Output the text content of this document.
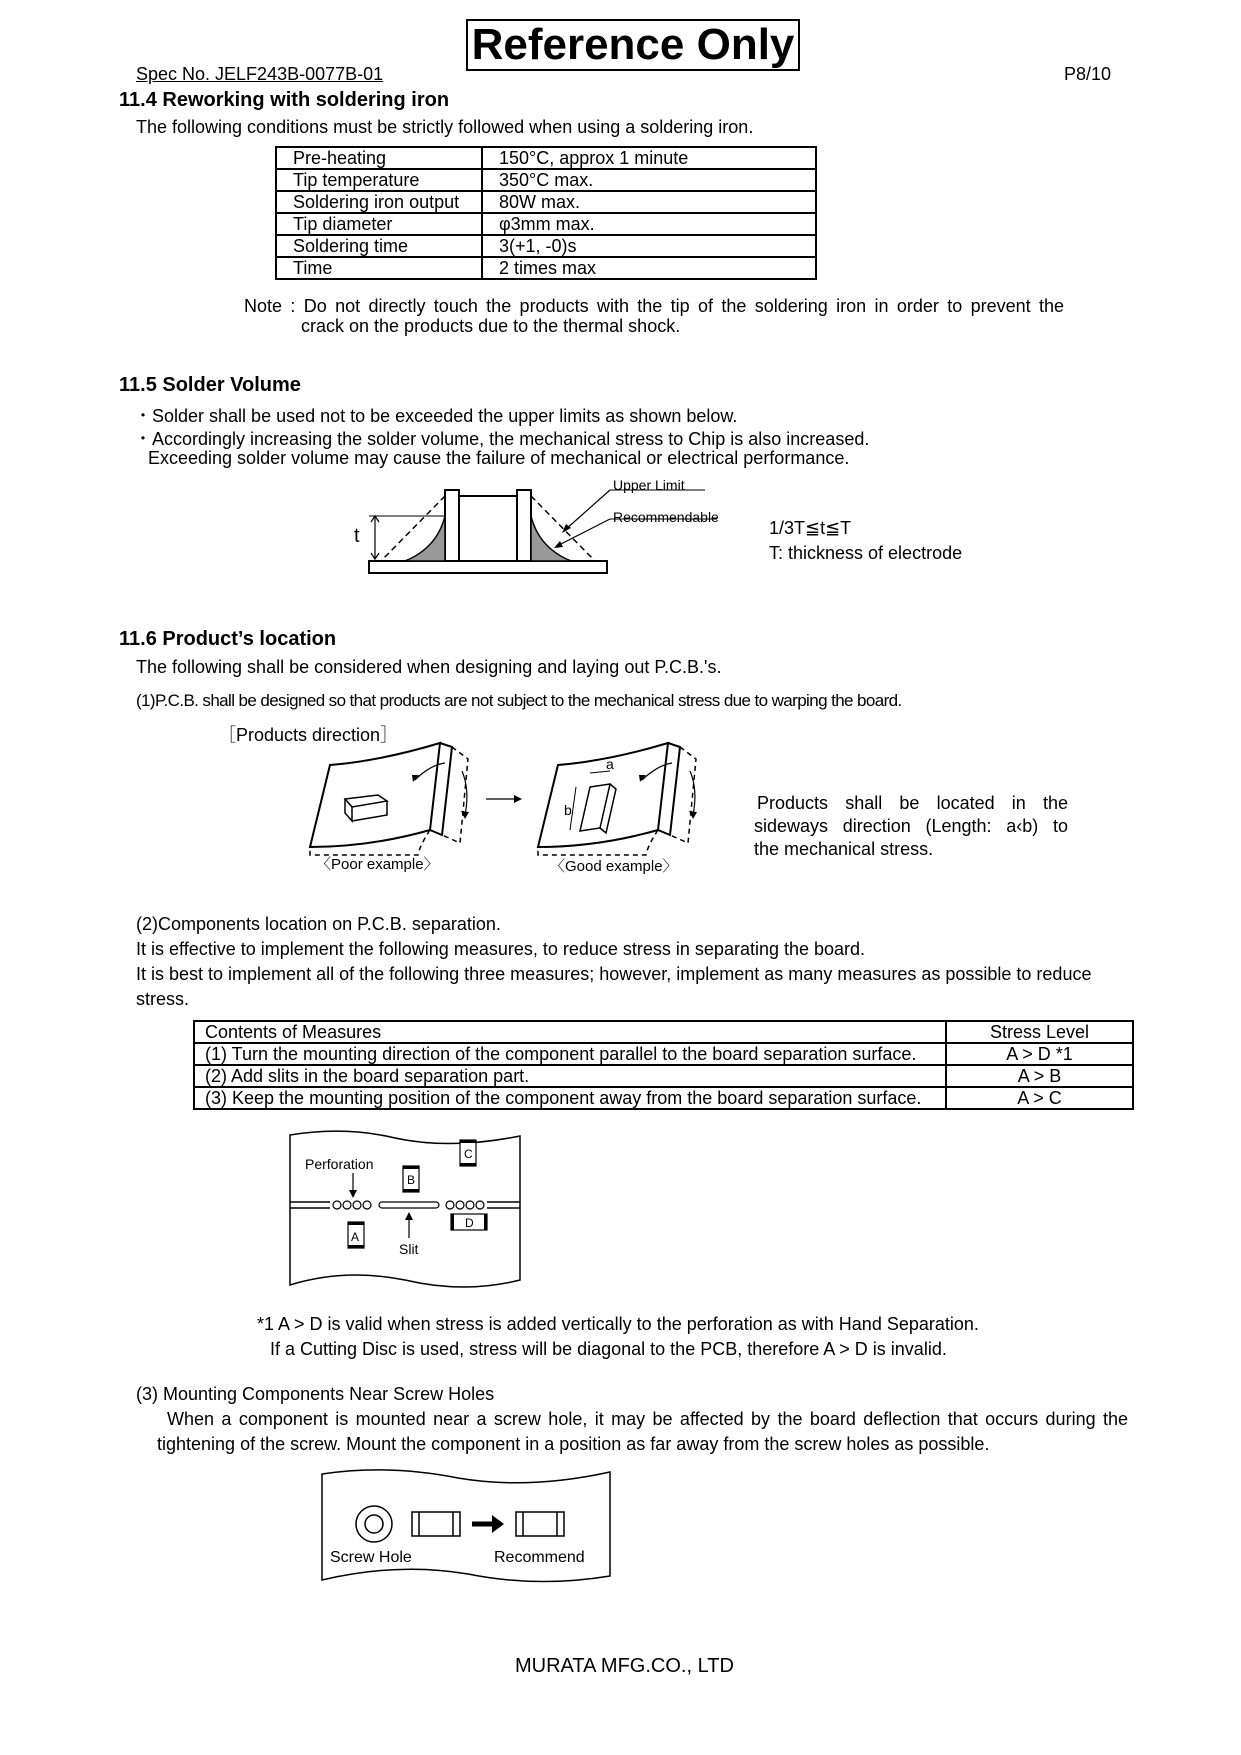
Spec No. JELF243B-0077B-01
Reference Only
P8/10
11.4 Reworking with soldering iron
The following conditions must be strictly followed when using a soldering iron.
Pre-heating	150°C, approx 1 minute
Tip temperature	350°C max.
Soldering iron output	80W max.
Tip diameter	φ3mm max.
Soldering time	3(+1, -0)s
Time	2 times max
Note : Do not directly touch the products with the tip of the soldering iron in order to prevent the
crack on the products due to the thermal shock.
11.5 Solder Volume
・Solder shall be used not to be exceeded the upper limits as shown below.
・Accordingly increasing the solder volume, the mechanical stress to Chip is also increased.
Exceeding solder volume may cause the failure of mechanical or electrical performance.
Upper Limit
Recommendable
t	1/3T≦t≦T
T: thickness of electrode
11.6 Product’s location
The following shall be considered when designing and laying out P.C.B.'s.
(1)P.C.B. shall be designed so that products are not subject to the mechanical stress due to warping the board.
［Products direction］
a
b
〈Poor example〉	〈Good example〉
Products shall be located in the
sideways direction (Length: a‹b) to
the mechanical stress.
(2)Components location on P.C.B. separation.
It is effective to implement the following measures, to reduce stress in separating the board.
It is best to implement all of the following three measures; however, implement as many measures as possible to reduce
stress.
Contents of Measures	Stress Level
(1) Turn the mounting direction of the component parallel to the board separation surface.	A > D *1
(2) Add slits in the board separation part.	A > B
(3) Keep the mounting position of the component away from the board separation surface.	A > C
Perforation
Slit
A
B
C
D
*1 A > D is valid when stress is added vertically to the perforation as with Hand Separation.
If a Cutting Disc is used, stress will be diagonal to the PCB, therefore A > D is invalid.
(3) Mounting Components Near Screw Holes
When a component is mounted near a screw hole, it may be affected by the board deflection that occurs during the
tightening of the screw. Mount the component in a position as far away from the screw holes as possible.
Screw Hole	Recommend
MURATA MFG.CO., LTD
